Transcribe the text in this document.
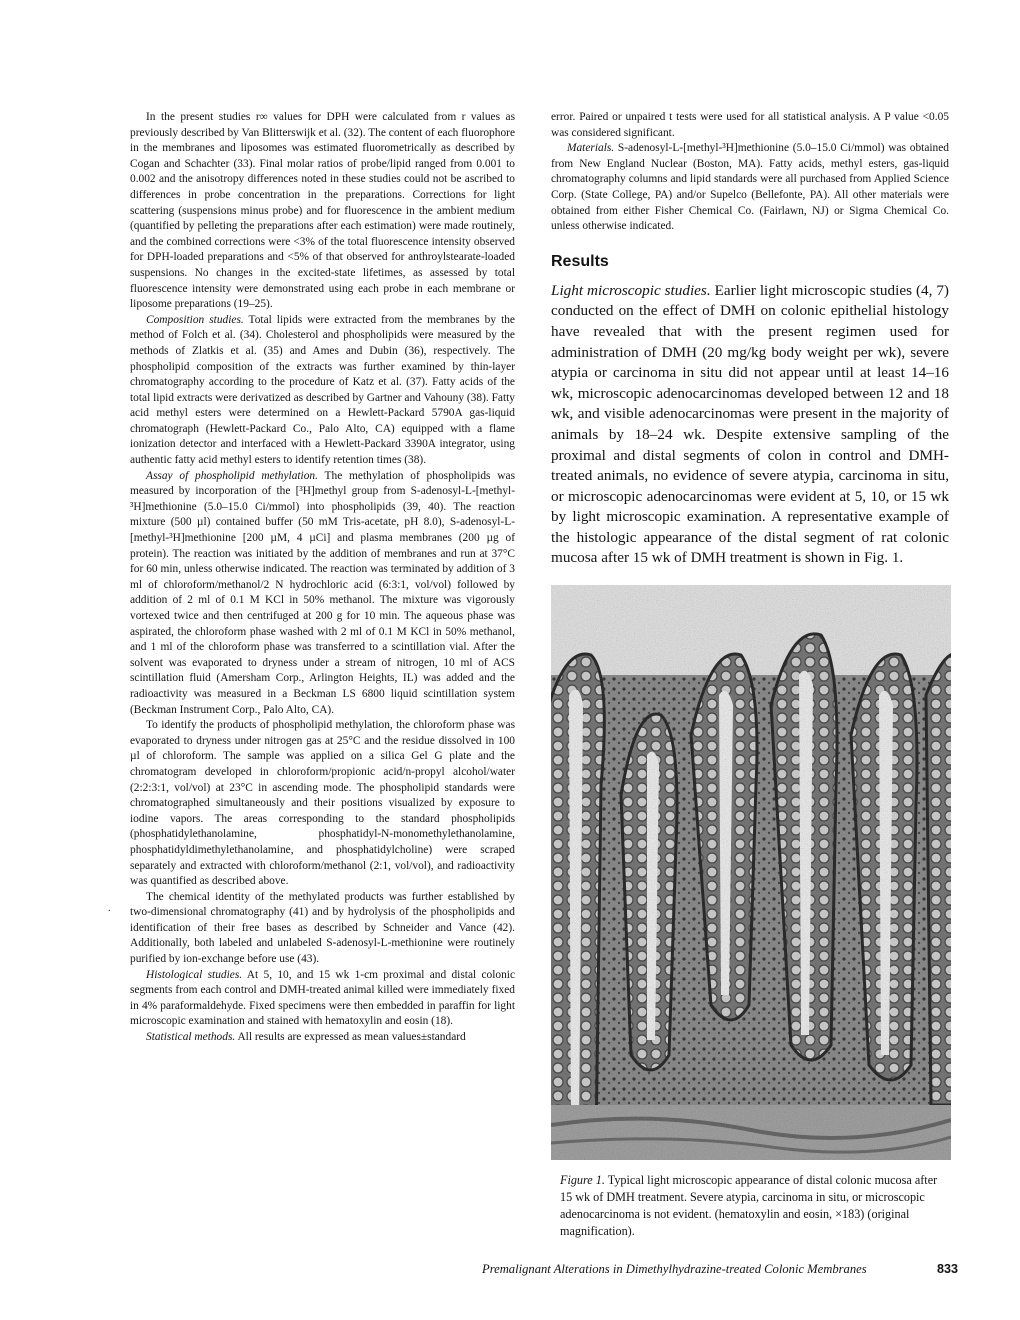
In the present studies r∞ values for DPH were calculated from r values as previously described by Van Blitterswijk et al. (32). The content of each fluorophore in the membranes and liposomes was estimated fluorometrically as described by Cogan and Schachter (33). Final molar ratios of probe/lipid ranged from 0.001 to 0.002 and the anisotropy differences noted in these studies could not be ascribed to differences in probe concentration in the preparations. Corrections for light scattering (suspensions minus probe) and for fluorescence in the ambient medium (quantified by pelleting the preparations after each estimation) were made routinely, and the combined corrections were <3% of the total fluorescence intensity observed for DPH-loaded preparations and <5% of that observed for anthroylstearate-loaded suspensions. No changes in the excited-state lifetimes, as assessed by total fluorescence intensity were demonstrated using each probe in each membrane or liposome preparations (19–25).

Composition studies. Total lipids were extracted from the membranes by the method of Folch et al. (34). Cholesterol and phospholipids were measured by the methods of Zlatkis et al. (35) and Ames and Dubin (36), respectively. The phospholipid composition of the extracts was further examined by thin-layer chromatography according to the procedure of Katz et al. (37). Fatty acids of the total lipid extracts were derivatized as described by Gartner and Vahouny (38). Fatty acid methyl esters were determined on a Hewlett-Packard 5790A gas-liquid chromatograph (Hewlett-Packard Co., Palo Alto, CA) equipped with a flame ionization detector and interfaced with a Hewlett-Packard 3390A integrator, using authentic fatty acid methyl esters to identify retention times (38).

Assay of phospholipid methylation. The methylation of phospholipids was measured by incorporation of the [³H]methyl group from S-adenosyl-L-[methyl-³H]methionine (5.0–15.0 Ci/mmol) into phospholipids (39, 40). The reaction mixture (500 µl) contained buffer (50 mM Tris-acetate, pH 8.0), S-adenosyl-L-[methyl-³H]methionine [200 µM, 4 µCi] and plasma membranes (200 µg of protein). The reaction was initiated by the addition of membranes and run at 37°C for 60 min, unless otherwise indicated. The reaction was terminated by addition of 3 ml of chloroform/methanol/2 N hydrochloric acid (6:3:1, vol/vol) followed by addition of 2 ml of 0.1 M KCl in 50% methanol. The mixture was vigorously vortexed twice and then centrifuged at 200 g for 10 min. The aqueous phase was aspirated, the chloroform phase washed with 2 ml of 0.1 M KCl in 50% methanol, and 1 ml of the chloroform phase was transferred to a scintillation vial. After the solvent was evaporated to dryness under a stream of nitrogen, 10 ml of ACS scintillation fluid (Amersham Corp., Arlington Heights, IL) was added and the radioactivity was measured in a Beckman LS 6800 liquid scintillation system (Beckman Instrument Corp., Palo Alto, CA).

To identify the products of phospholipid methylation, the chloroform phase was evaporated to dryness under nitrogen gas at 25°C and the residue dissolved in 100 µl of chloroform. The sample was applied on a silica Gel G plate and the chromatogram developed in chloroform/propionic acid/n-propyl alcohol/water (2:2:3:1, vol/vol) at 23°C in ascending mode. The phospholipid standards were chromatographed simultaneously and their positions visualized by exposure to iodine vapors. The areas corresponding to the standard phospholipids (phosphatidylethanolamine, phosphatidyl-N-monomethylethanolamine, phosphatidyldimethylethanolamine, and phosphatidylcholine) were scraped separately and extracted with chloroform/methanol (2:1, vol/vol), and radioactivity was quantified as described above.

The chemical identity of the methylated products was further established by two-dimensional chromatography (41) and by hydrolysis of the phospholipids and identification of their free bases as described by Schneider and Vance (42). Additionally, both labeled and unlabeled S-adenosyl-L-methionine were routinely purified by ion-exchange before use (43).

Histological studies. At 5, 10, and 15 wk 1-cm proximal and distal colonic segments from each control and DMH-treated animal killed were immediately fixed in 4% paraformaldehyde. Fixed specimens were then embedded in paraffin for light microscopic examination and stained with hematoxylin and eosin (18).

Statistical methods. All results are expressed as mean values±standard

error. Paired or unpaired t tests were used for all statistical analysis. A P value <0.05 was considered significant.

Materials. S-adenosyl-L-[methyl-³H]methionine (5.0–15.0 Ci/mmol) was obtained from New England Nuclear (Boston, MA). Fatty acids, methyl esters, gas-liquid chromatography columns and lipid standards were all purchased from Applied Science Corp. (State College, PA) and/or Supelco (Bellefonte, PA). All other materials were obtained from either Fisher Chemical Co. (Fairlawn, NJ) or Sigma Chemical Co. unless otherwise indicated.

Results

Light microscopic studies. Earlier light microscopic studies (4, 7) conducted on the effect of DMH on colonic epithelial histology have revealed that with the present regimen used for administration of DMH (20 mg/kg body weight per wk), severe atypia or carcinoma in situ did not appear until at least 14–16 wk, microscopic adenocarcinomas developed between 12 and 18 wk, and visible adenocarcinomas were present in the majority of animals by 18–24 wk. Despite extensive sampling of the proximal and distal segments of colon in control and DMH-treated animals, no evidence of severe atypia, carcinoma in situ, or microscopic adenocarcinomas were evident at 5, 10, or 15 wk by light microscopic examination. A representative example of the histologic appearance of the distal segment of rat colonic mucosa after 15 wk of DMH treatment is shown in Fig. 1.

Figure 1. Typical light microscopic appearance of distal colonic mucosa after 15 wk of DMH treatment. Severe atypia, carcinoma in situ, or microscopic adenocarcinoma is not evident. (hematoxylin and eosin, ×183) (original magnification).
Premalignant Alterations in Dimethylhydrazine-treated Colonic Membranes	833
.
